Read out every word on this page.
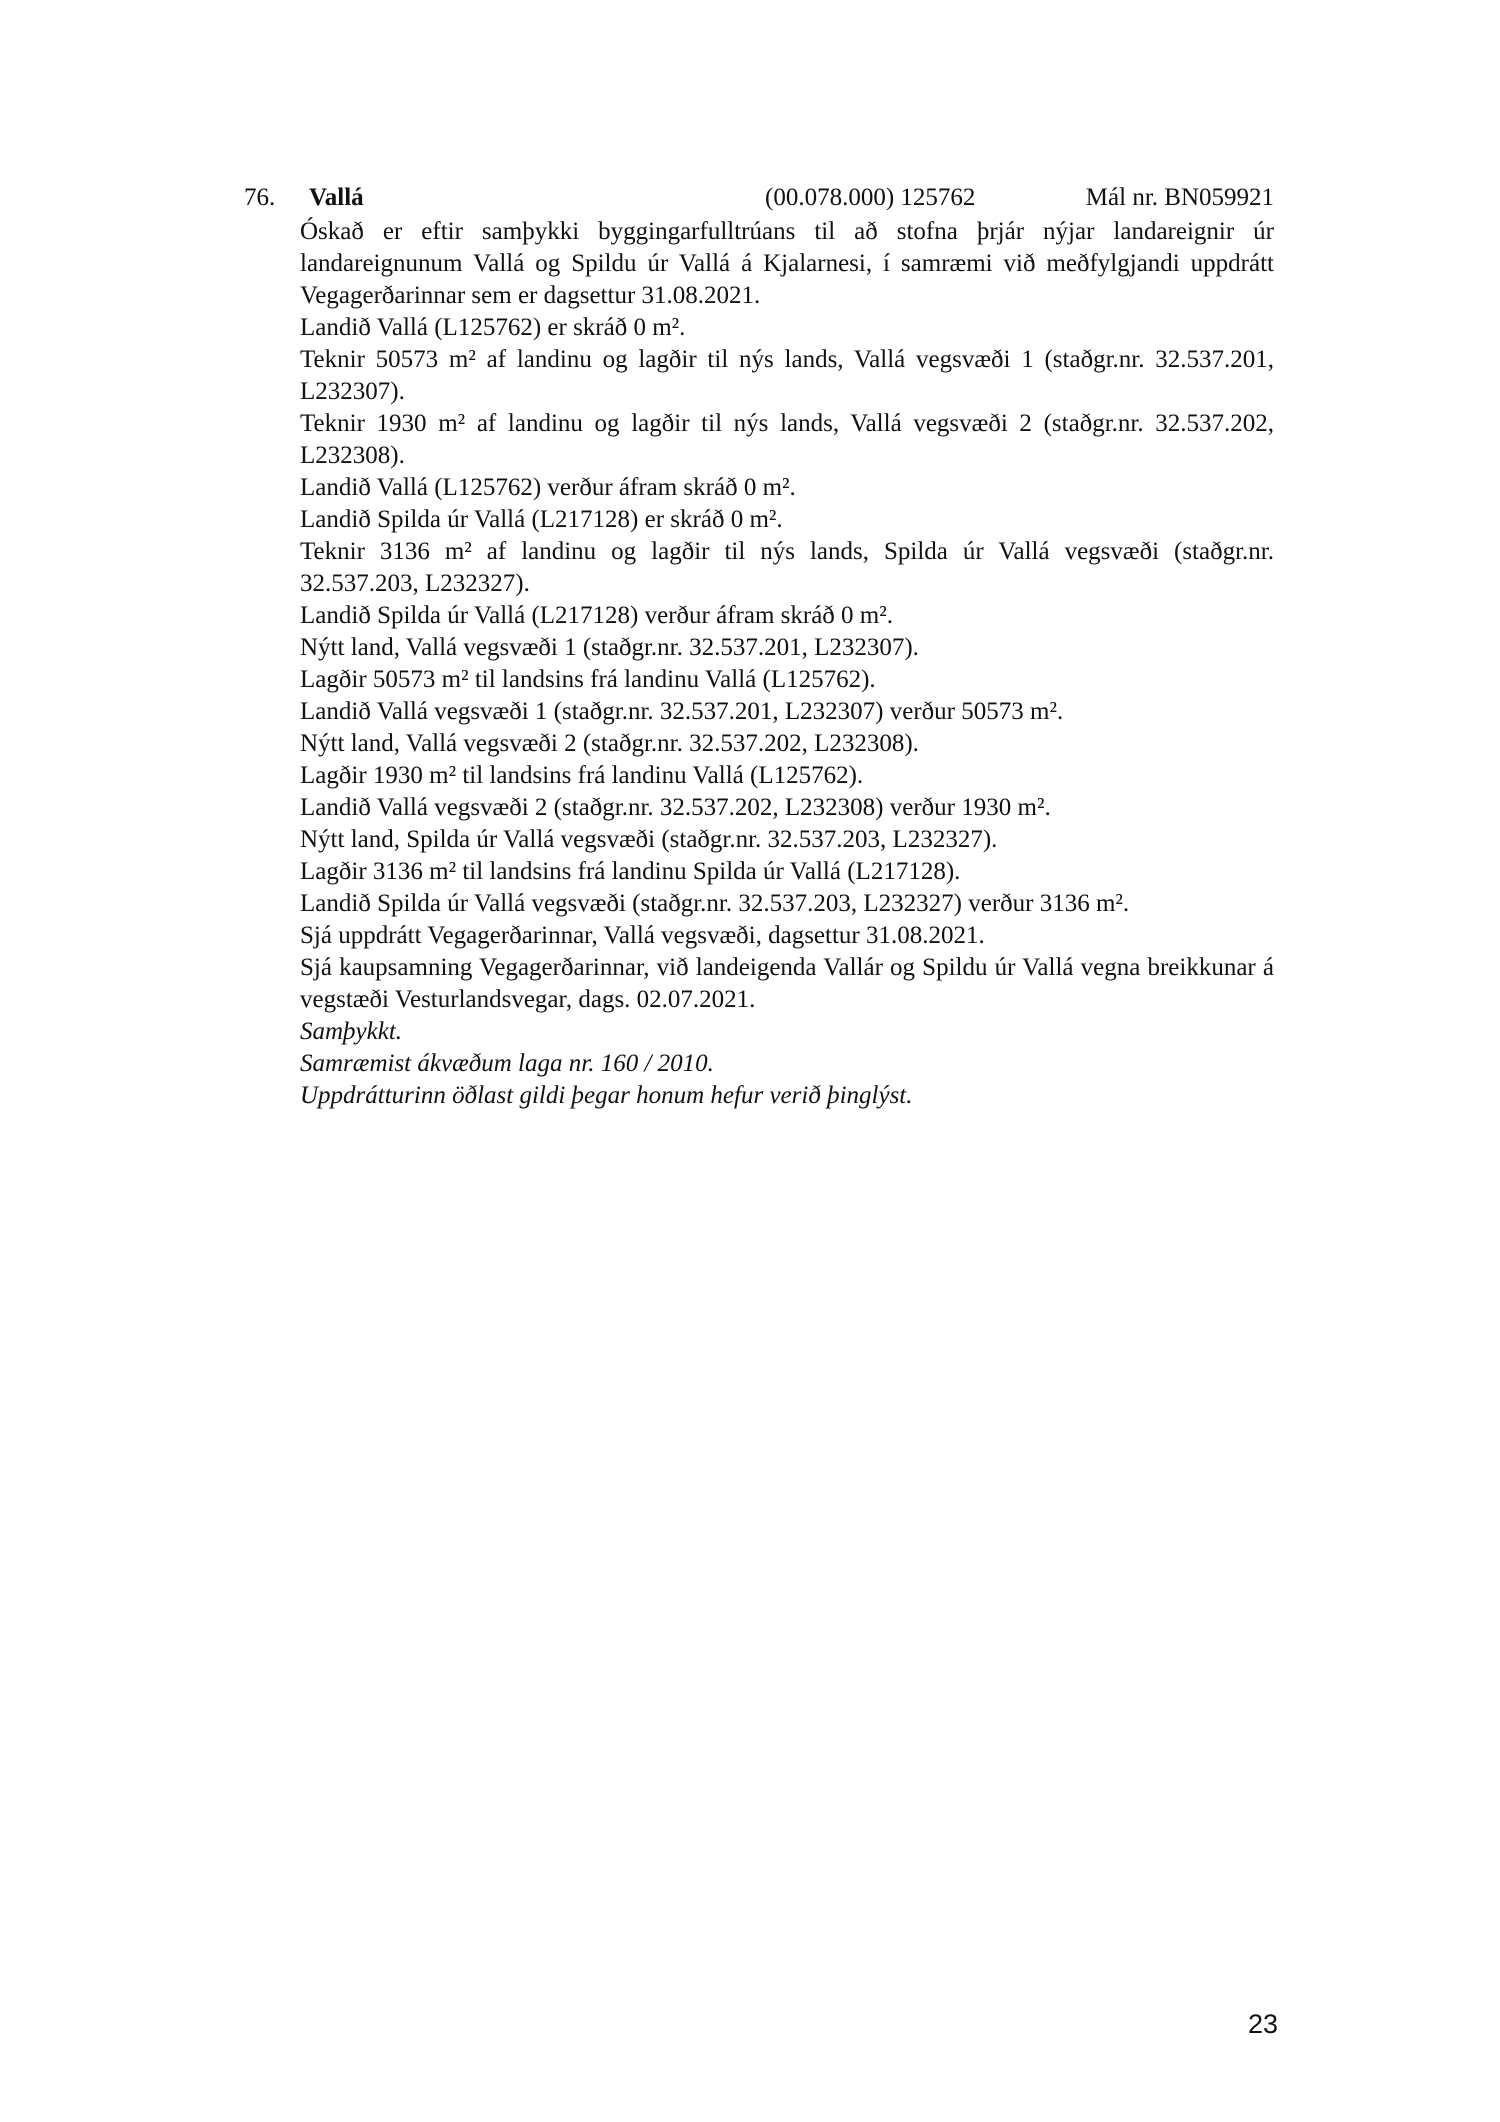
76. Vallá	(00.078.000) 125762	Mál nr. BN059921

Óskað er eftir samþykki byggingarfulltrúans til að stofna þrjár nýjar landareignir úr landareignunum Vallá og Spildu úr Vallá á Kjalarnesi, í samræmi við meðfylgjandi uppdrátt Vegagerðarinnar sem er dagsettur 31.08.2021.

Landið Vallá (L125762) er skráð 0 m².

Teknir 50573 m² af landinu og lagðir til nýs lands, Vallá vegsvæði 1 (staðgr.nr. 32.537.201, L232307).

Teknir 1930 m² af landinu og lagðir til nýs lands, Vallá vegsvæði 2 (staðgr.nr. 32.537.202, L232308).

Landið Vallá (L125762) verður áfram skráð 0 m².

Landið Spilda úr Vallá (L217128) er skráð 0 m².

Teknir 3136 m² af landinu og lagðir til nýs lands, Spilda úr Vallá vegsvæði (staðgr.nr. 32.537.203, L232327).

Landið Spilda úr Vallá (L217128) verður áfram skráð 0 m².

Nýtt land, Vallá vegsvæði 1 (staðgr.nr. 32.537.201, L232307).

Lagðir 50573 m² til landsins frá landinu Vallá (L125762).

Landið Vallá vegsvæði 1 (staðgr.nr. 32.537.201, L232307) verður 50573 m².

Nýtt land, Vallá vegsvæði 2 (staðgr.nr. 32.537.202, L232308).

Lagðir 1930 m² til landsins frá landinu Vallá (L125762).

Landið Vallá vegsvæði 2 (staðgr.nr. 32.537.202, L232308) verður 1930 m².

Nýtt land, Spilda úr Vallá vegsvæði (staðgr.nr. 32.537.203, L232327).

Lagðir 3136 m² til landsins frá landinu Spilda úr Vallá (L217128).

Landið Spilda úr Vallá vegsvæði (staðgr.nr. 32.537.203, L232327) verður 3136 m².

Sjá uppdrátt Vegagerðarinnar, Vallá vegsvæði, dagsettur 31.08.2021.

Sjá kaupsamning Vegagerðarinnar, við landeigenda Vallár og Spildu úr Vallá vegna breikkunar á vegstæði Vesturlandsvegar, dags. 02.07.2021.

Samþykkt.

Samræmist ákvæðum laga nr. 160 / 2010.

Uppdrátturinn öðlast gildi þegar honum hefur verið þinglýst.

23
